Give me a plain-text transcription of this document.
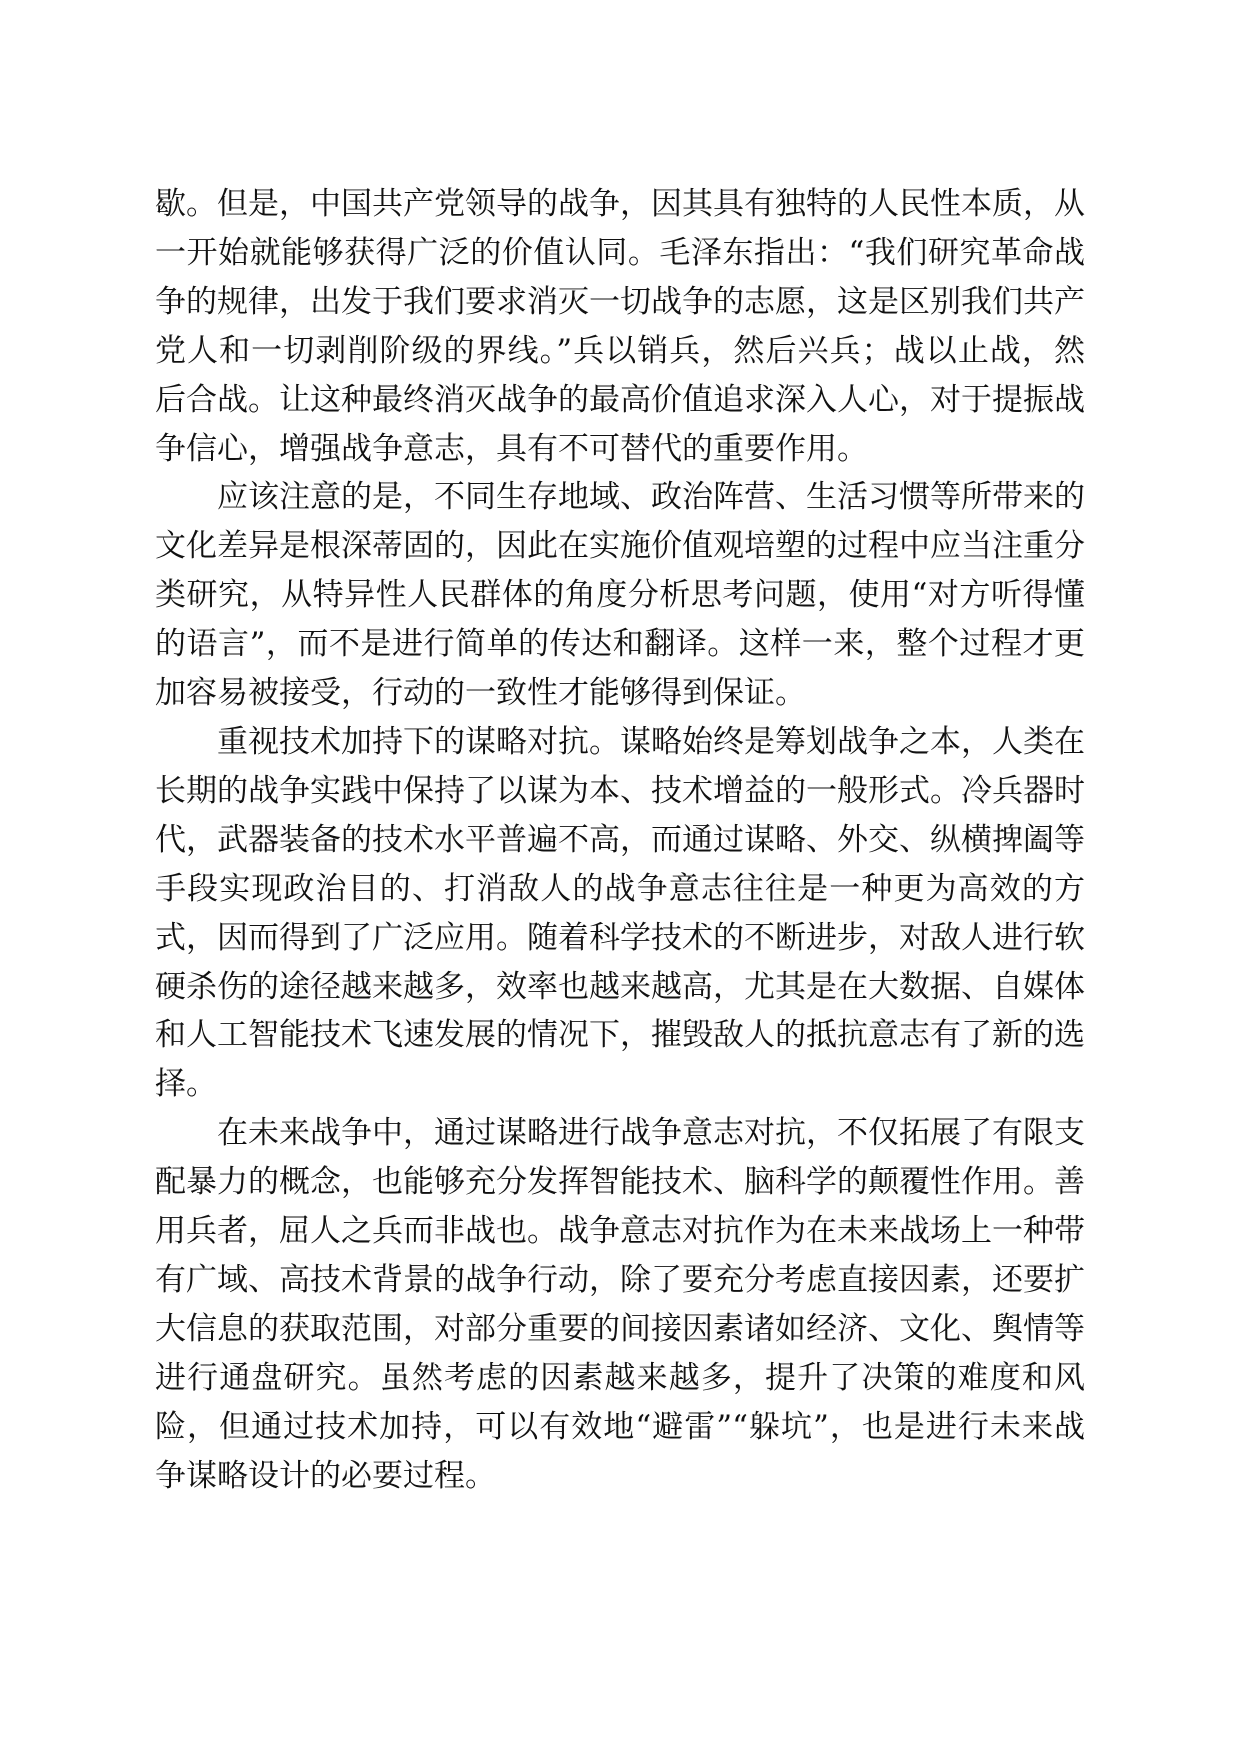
歇。但是，中国共产党领导的战争，因其具有独特的人民性本质，从一开始就能够获得广泛的价值认同。毛泽东指出：“我们研究革命战争的规律，出发于我们要求消灭一切战争的志愿，这是区别我们共产党人和一切剥削阶级的界线。”兵以销兵，然后兴兵；战以止战，然后合战。让这种最终消灭战争的最高价值追求深入人心，对于提振战争信心，增强战争意志，具有不可替代的重要作用。

应该注意的是，不同生存地域、政治阵营、生活习惯等所带来的文化差异是根深蒂固的，因此在实施价值观培塑的过程中应当注重分类研究，从特异性人民群体的角度分析思考问题，使用“对方听得懂的语言”，而不是进行简单的传达和翻译。这样一来，整个过程才更加容易被接受，行动的一致性才能够得到保证。

重视技术加持下的谋略对抗。谋略始终是筹划战争之本，人类在长期的战争实践中保持了以谋为本、技术增益的一般形式。冷兵器时代，武器装备的技术水平普遍不高，而通过谋略、外交、纵横捭阖等手段实现政治目的、打消敌人的战争意志往往是一种更为高效的方式，因而得到了广泛应用。随着科学技术的不断进步，对敌人进行软硬杀伤的途径越来越多，效率也越来越高，尤其是在大数据、自媒体和人工智能技术飞速发展的情况下，摧毁敌人的抵抗意志有了新的选择。

在未来战争中，通过谋略进行战争意志对抗，不仅拓展了有限支配暴力的概念，也能够充分发挥智能技术、脑科学的颠覆性作用。善用兵者，屈人之兵而非战也。战争意志对抗作为在未来战场上一种带有广域、高技术背景的战争行动，除了要充分考虑直接因素，还要扩大信息的获取范围，对部分重要的间接因素诸如经济、文化、舆情等进行通盘研究。虽然考虑的因素越来越多，提升了决策的难度和风险，但通过技术加持，可以有效地“避雷”“躲坑”，也是进行未来战争谋略设计的必要过程。
